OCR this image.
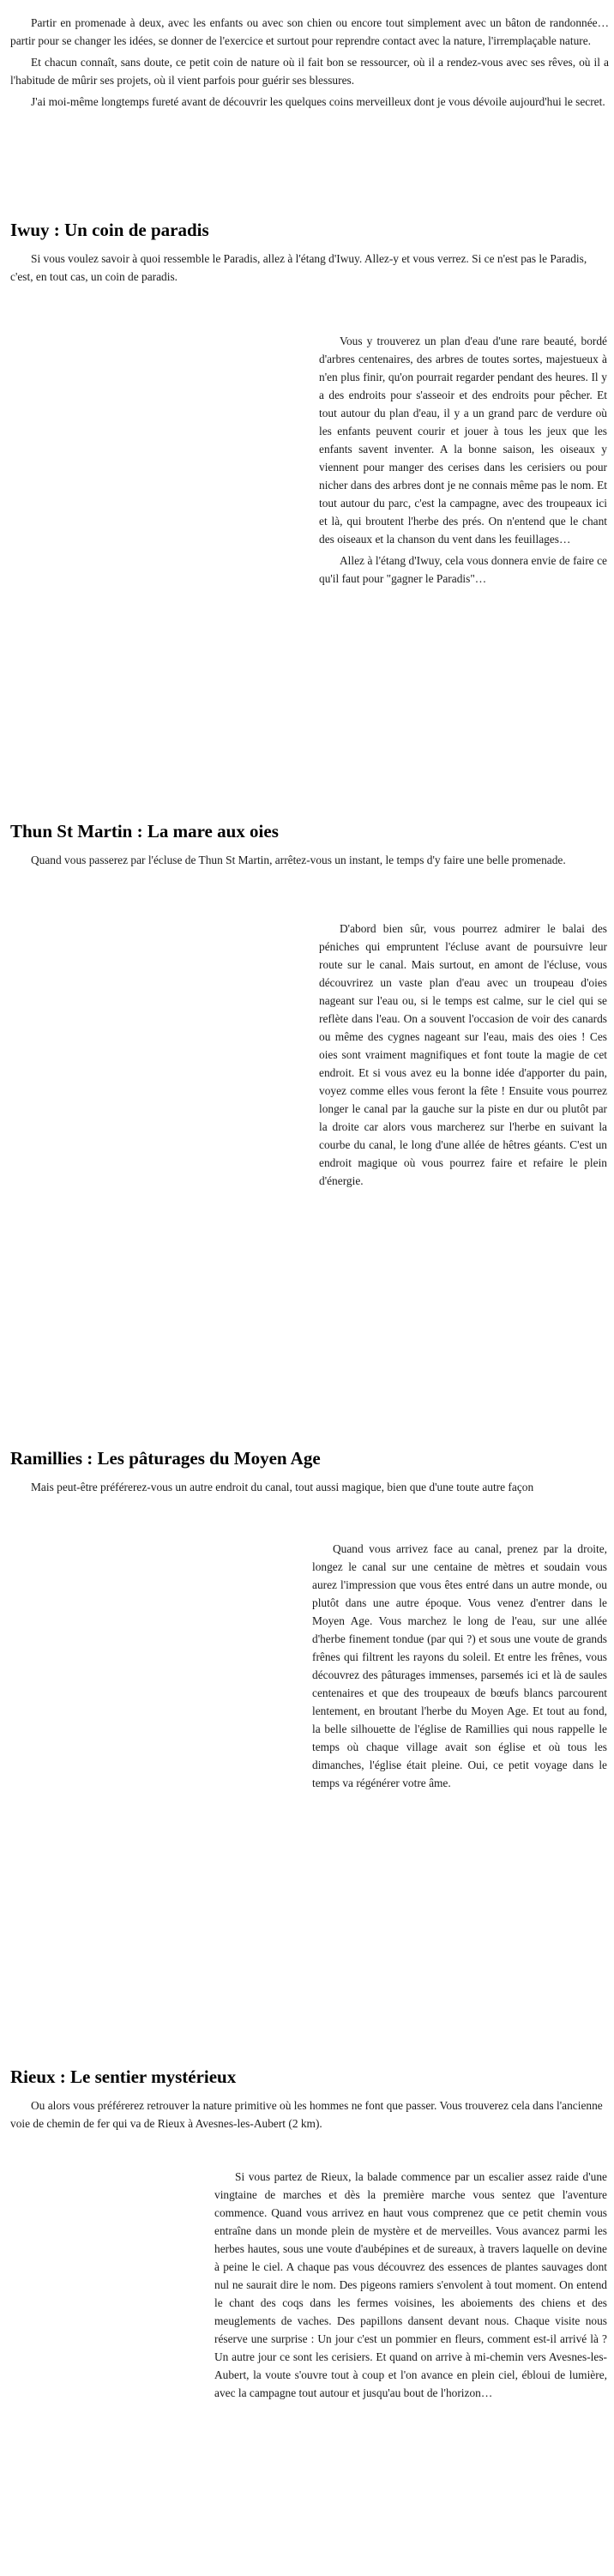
Partir en promenade à deux, avec les enfants ou avec son chien ou encore tout simplement avec un bâton de randonnée… partir pour se changer les idées, se donner de l'exercice et surtout pour reprendre contact avec la nature, l'irremplaçable nature.

Et chacun connaît, sans doute, ce petit coin de nature où il fait bon se ressourcer, où il a rendez-vous avec ses rêves, où il a l'habitude de mûrir ses projets, où il vient parfois pour guérir ses blessures.

J'ai moi-même longtemps fureté avant de découvrir les quelques coins merveilleux dont je vous dévoile aujourd'hui le secret.

Iwuy : Un coin de paradis

Si vous voulez savoir à quoi ressemble le Paradis, allez à l'étang d'Iwuy. Allez-y et vous verrez. Si ce n'est pas le Paradis, c'est, en tout cas, un coin de paradis.

Vous y trouverez un plan d'eau d'une rare beauté, bordé d'arbres centenaires, des arbres de toutes sortes, majestueux à n'en plus finir, qu'on pourrait regarder pendant des heures. Il y a des endroits pour s'asseoir et des endroits pour pêcher. Et tout autour du plan d'eau, il y a un grand parc de verdure où les enfants peuvent courir et jouer à tous les jeux que les enfants savent inventer. A la bonne saison, les oiseaux y viennent pour manger des cerises dans les cerisiers ou pour nicher dans des arbres dont je ne connais même pas le nom. Et tout autour du parc, c'est la campagne, avec des troupeaux ici et là, qui broutent l'herbe des prés. On n'entend que le chant des oiseaux et la chanson du vent dans les feuillages…

Allez à l'étang d'Iwuy, cela vous donnera envie de faire ce qu'il faut pour "gagner le Paradis"…

Thun St Martin : La mare aux oies

Quand vous passerez par l'écluse de Thun St Martin, arrêtez-vous un instant, le temps d'y faire une belle promenade.

D'abord bien sûr, vous pourrez admirer le balai des péniches qui empruntent l'écluse avant de poursuivre leur route sur le canal. Mais surtout, en amont de l'écluse, vous découvrirez un vaste plan d'eau avec un troupeau d'oies nageant sur l'eau ou, si le temps est calme, sur le ciel qui se reflète dans l'eau. On a souvent l'occasion de voir des canards ou même des cygnes nageant sur l'eau, mais des oies ! Ces oies sont vraiment magnifiques et font toute la magie de cet endroit. Et si vous avez eu la bonne idée d'apporter du pain, voyez comme elles vous feront la fête ! Ensuite vous pourrez longer le canal par la gauche sur la piste en dur ou plutôt par la droite car alors vous marcherez sur l'herbe en suivant la courbe du canal, le long d'une allée de hêtres géants. C'est un endroit magique où vous pourrez faire et refaire le plein d'énergie.

Ramillies : Les pâturages du Moyen Age

Mais peut-être préférerez-vous un autre endroit du canal, tout aussi magique, bien que d'une toute autre façon

Quand vous arrivez face au canal, prenez par la droite, longez le canal sur une centaine de mètres et soudain vous aurez l'impression que vous êtes entré dans un autre monde, ou plutôt dans une autre époque. Vous venez d'entrer dans le Moyen Age. Vous marchez le long de l'eau, sur une allée d'herbe finement tondue (par qui ?) et sous une voute de grands frênes qui filtrent les rayons du soleil. Et entre les frênes, vous découvrez des pâturages immenses, parsemés ici et là de saules centenaires et que des troupeaux de bœufs blancs parcourent lentement, en broutant l'herbe du Moyen Age. Et tout au fond, la belle silhouette de l'église de Ramillies qui nous rappelle le temps où chaque village avait son église et où tous les dimanches, l'église était pleine. Oui, ce petit voyage dans le temps va régénérer votre âme.

Rieux : Le sentier mystérieux

Ou alors vous préférerez retrouver la nature primitive où les hommes ne font que passer. Vous trouverez cela dans l'ancienne voie de chemin de fer qui va de Rieux à Avesnes-les-Aubert (2 km).

Si vous partez de Rieux, la balade commence par un escalier assez raide d'une vingtaine de marches et dès la première marche vous sentez que l'aventure commence. Quand vous arrivez en haut vous comprenez que ce petit chemin vous entraîne dans un monde plein de mystère et de merveilles. Vous avancez parmi les herbes hautes, sous une voute d'aubépines et de sureaux, à travers laquelle on devine à peine le ciel. A chaque pas vous découvrez des essences de plantes sauvages dont nul ne saurait dire le nom. Des pigeons ramiers s'envolent à tout moment. On entend le chant des coqs dans les fermes voisines, les aboiements des chiens et des meuglements de vaches. Des papillons dansent devant nous. Chaque visite nous réserve une surprise : Un jour c'est un pommier en fleurs, comment est-il arrivé là ? Un autre jour ce sont les cerisiers. Et quand on arrive à mi-chemin vers Avesnes-les-Aubert, la voute s'ouvre tout à coup et l'on avance en plein ciel, ébloui de lumière, avec la campagne tout autour et jusqu'au bout de l'horizon…
